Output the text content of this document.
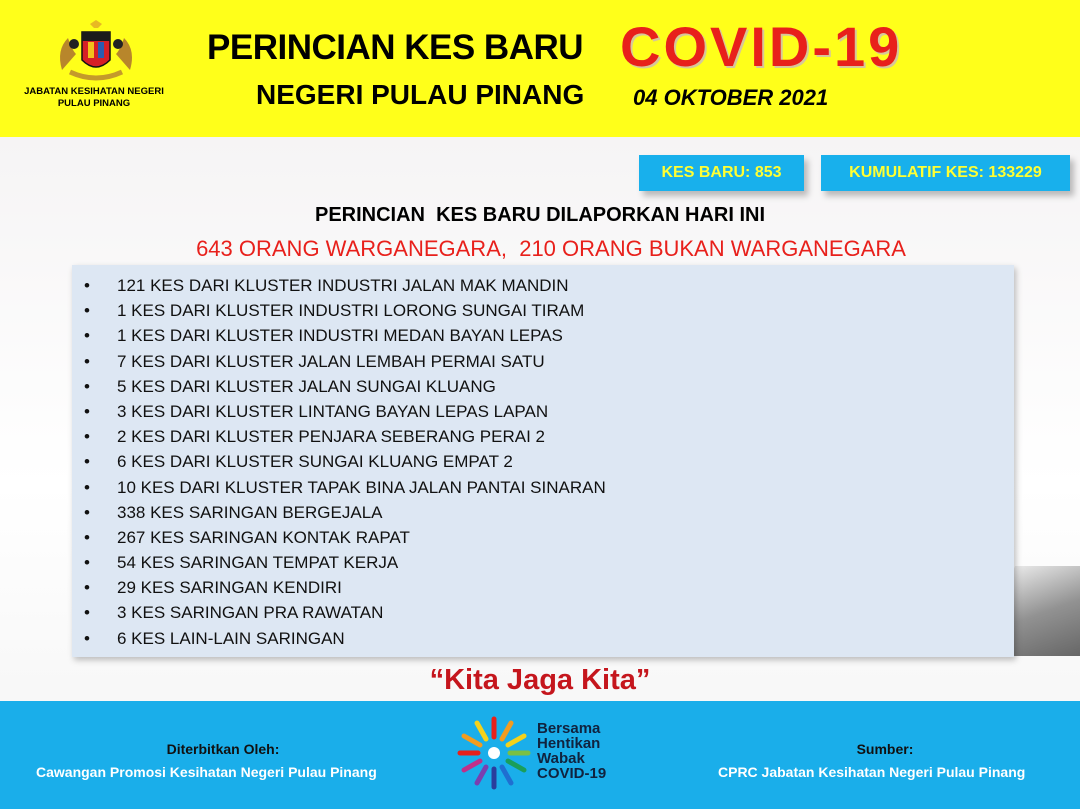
JABATAN KESIHATAN NEGERI
PULAU PINANG
PERINCIAN KES BARU COVID-19
NEGERI PULAU PINANG 04 OKTOBER 2021
KES BARU: 853	KUMULATIF KES: 133229
PERINCIAN  KES BARU DILAPORKAN HARI INI
643 ORANG WARGANEGARA,  210 ORANG BUKAN WARGANEGARA
• 121 KES DARI KLUSTER INDUSTRI JALAN MAK MANDIN
• 1 KES DARI KLUSTER INDUSTRI LORONG SUNGAI TIRAM
• 1 KES DARI KLUSTER INDUSTRI MEDAN BAYAN LEPAS
• 7 KES DARI KLUSTER JALAN LEMBAH PERMAI SATU
• 5 KES DARI KLUSTER JALAN SUNGAI KLUANG
• 3 KES DARI KLUSTER LINTANG BAYAN LEPAS LAPAN
• 2 KES DARI KLUSTER PENJARA SEBERANG PERAI 2
• 6 KES DARI KLUSTER SUNGAI KLUANG EMPAT 2
• 10 KES DARI KLUSTER TAPAK BINA JALAN PANTAI SINARAN
• 338 KES SARINGAN BERGEJALA
• 267 KES SARINGAN KONTAK RAPAT
• 54 KES SARINGAN TEMPAT KERJA
• 29 KES SARINGAN KENDIRI
• 3 KES SARINGAN PRA RAWATAN
• 6 KES LAIN-LAIN SARINGAN
“Kita Jaga Kita”
Diterbitkan Oleh:
Cawangan Promosi Kesihatan Negeri Pulau Pinang
Bersama
Hentikan
Wabak
COVID-19
Sumber:
CPRC Jabatan Kesihatan Negeri Pulau Pinang
